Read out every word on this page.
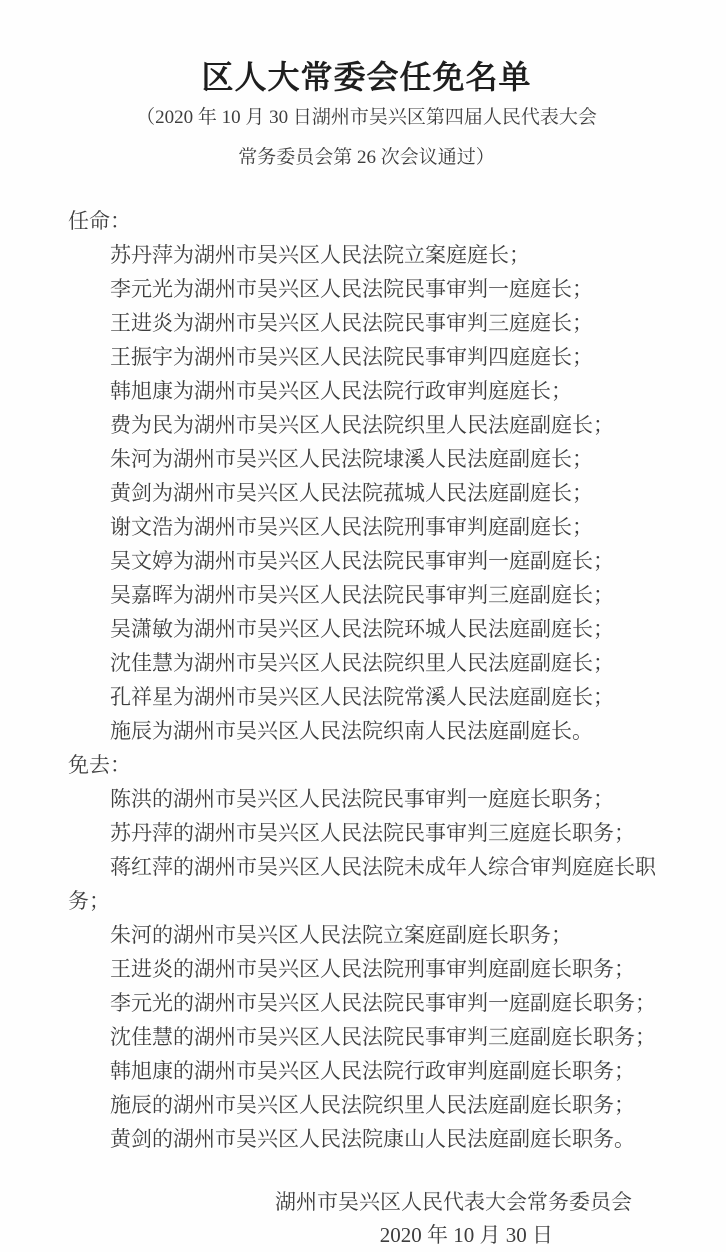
区人大常委会任免名单

（2020 年 10 月 30 日湖州市吴兴区第四届人民代表大会

常务委员会第 26 次会议通过）

任命：

苏丹萍为湖州市吴兴区人民法院立案庭庭长；

李元光为湖州市吴兴区人民法院民事审判一庭庭长；

王进炎为湖州市吴兴区人民法院民事审判三庭庭长；

王振宇为湖州市吴兴区人民法院民事审判四庭庭长；

韩旭康为湖州市吴兴区人民法院行政审判庭庭长；

费为民为湖州市吴兴区人民法院织里人民法庭副庭长；

朱河为湖州市吴兴区人民法院埭溪人民法庭副庭长；

黄剑为湖州市吴兴区人民法院菰城人民法庭副庭长；

谢文浩为湖州市吴兴区人民法院刑事审判庭副庭长；

吴文婷为湖州市吴兴区人民法院民事审判一庭副庭长；

吴嘉晖为湖州市吴兴区人民法院民事审判三庭副庭长；

吴潇敏为湖州市吴兴区人民法院环城人民法庭副庭长；

沈佳慧为湖州市吴兴区人民法院织里人民法庭副庭长；

孔祥星为湖州市吴兴区人民法院常溪人民法庭副庭长；

施辰为湖州市吴兴区人民法院织南人民法庭副庭长。

免去：

陈洪的湖州市吴兴区人民法院民事审判一庭庭长职务；

苏丹萍的湖州市吴兴区人民法院民事审判三庭庭长职务；

蒋红萍的湖州市吴兴区人民法院未成年人综合审判庭庭长职务；

朱河的湖州市吴兴区人民法院立案庭副庭长职务；

王进炎的湖州市吴兴区人民法院刑事审判庭副庭长职务；

李元光的湖州市吴兴区人民法院民事审判一庭副庭长职务；

沈佳慧的湖州市吴兴区人民法院民事审判三庭副庭长职务；

韩旭康的湖州市吴兴区人民法院行政审判庭副庭长职务；

施辰的湖州市吴兴区人民法院织里人民法庭副庭长职务；

黄剑的湖州市吴兴区人民法院康山人民法庭副庭长职务。

湖州市吴兴区人民代表大会常务委员会

2020 年 10 月 30 日
